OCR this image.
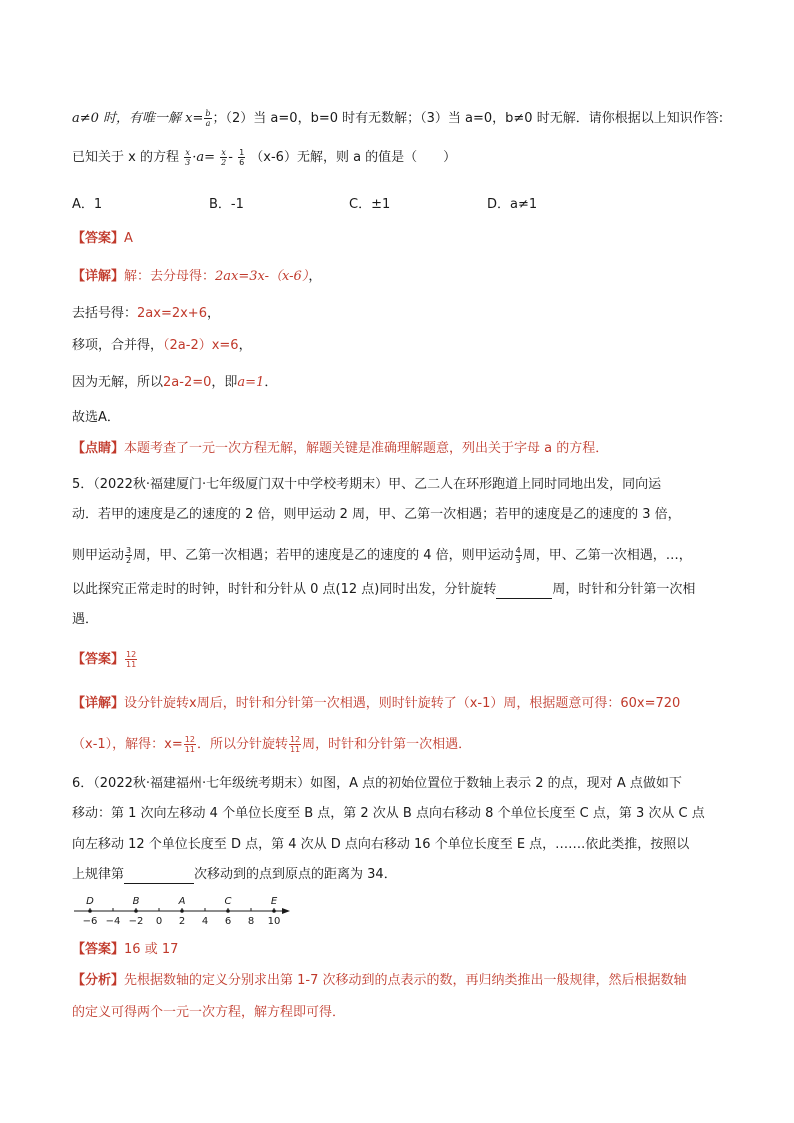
a≠0 时，有唯一解 $x= \frac{b}{a}$ ；（2）当 a=0，b=0 时有无数解；（3）当 a=0，b≠0 时无解．请你根据以上知识作答:
已知关于 x 的方程 $\frac{x}{3} \cdot a= \frac{x}{2} - \frac{1}{6} (x-6)$无解，则 a 的值是（　　）
A．1	B．-1	C．±1	D．a≠1
【答案】A
【详解】解：去分母得：2ax=3x-（x-6），
去括号得：2ax=2x+6，
移项，合并得，（2a-2）x=6，
因为无解，所以2a-2=0，即a=1．
故选A．
【点睛】本题考查了一元一次方程无解，解题关键是准确理解题意，列出关于字母 a 的方程．
5．（2022秋·福建厦门·七年级厦门双十中学校考期末）甲、乙二人在环形跑道上同时同地出发，同向运
动．若甲的速度是乙的速度的 2 倍，则甲运动 2 周，甲、乙第一次相遇；若甲的速度是乙的速度的 3 倍，
则甲运动 $\frac{3}{2}$ 周，甲、乙第一次相遇；若甲的速度是乙的速度的 4 倍，则甲运动 $\frac{4}{3}$ 周，甲、乙第一次相遇，…，
以此探究正常走时的时钟，时针和分针从 0 点(12 点)同时出发，分针旋转	周，时针和分针第一次相
遇．
【答案】 $\frac{12}{11}$
【详解】设分针旋转x周后，时针和分针第一次相遇，则时针旋转了（x-1）周，根据题意可得：60x=720
（x-1），解得：$x= \frac{12}{11}$ ．所以分针旋转 $\frac{12}{11}$ 周，时针和分针第一次相遇．
6．（2022秋·福建福州·七年级统考期末）如图，A 点的初始位置位于数轴上表示 2 的点，现对 A 点做如下
移动：第 1 次向左移动 4 个单位长度至 B 点，第 2 次从 B 点向右移动 8 个单位长度至 C 点，第 3 次从 C 点
向左移动 12 个单位长度至 D 点，第 4 次从 D 点向右移动 16 个单位长度至 E 点，…….依此类推，按照以
上规律第	次移动到的点到原点的距离为 34．
−6 −4 −2 0 2 4 6 8 10
D	B	A	C	E
【答案】16 或 17
【分析】先根据数轴的定义分别求出第 1-7 次移动到的点表示的数，再归纳类推出一般规律，然后根据数轴
的定义可得两个一元一次方程，解方程即可得．
